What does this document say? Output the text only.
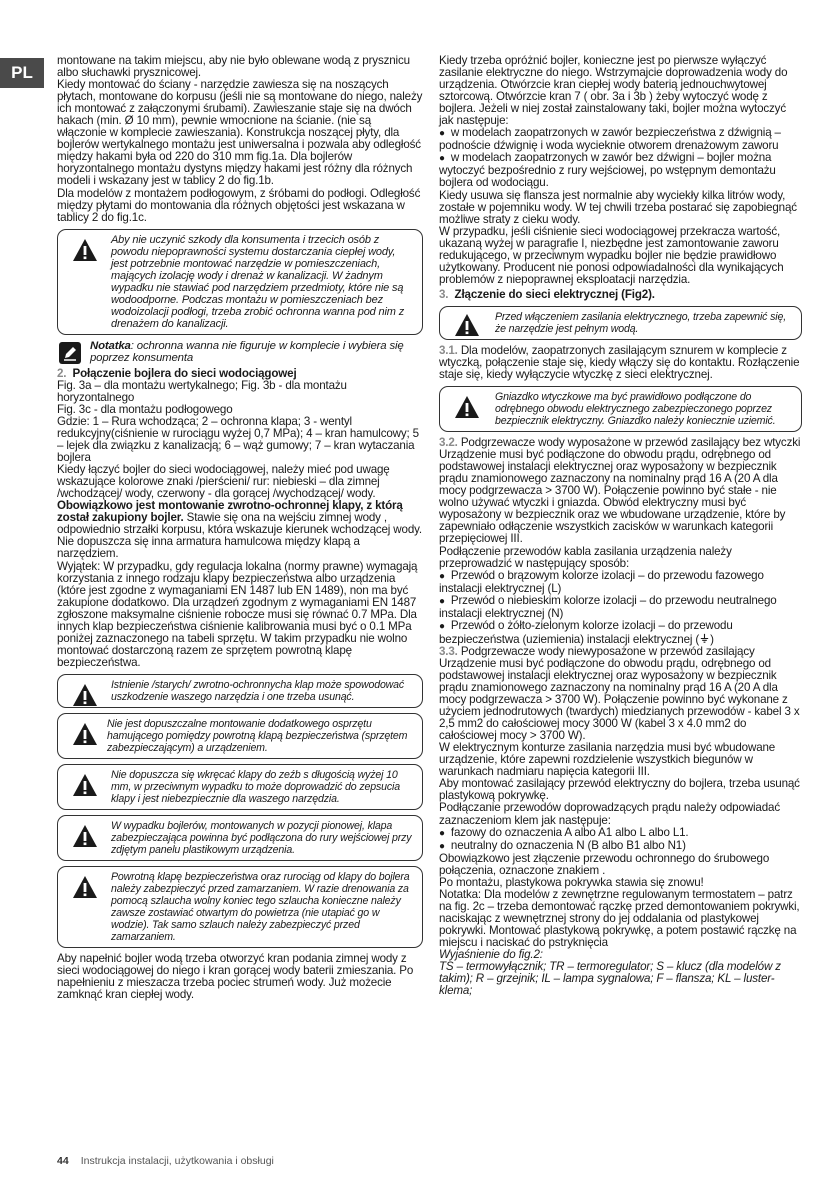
PL

montowane na takim miejscu, aby nie było oblewane wodą z prysznicu albo słuchawki prysznicowej.

Kiedy montować do ściany - narzędzie zawiesza się na noszących płytach, montowane do korpusu (jeśli nie są montowane do niego, należy ich montować z załączonymi śrubami). Zawieszanie staje się na dwóch hakach (min. Ø 10 mm), pewnie wmocnione na ścianie. (nie są włączonie w komplecie zawieszania). Konstrukcja noszącej płyty, dla bojlerów wertykalnego montażu jest uniwersalna i pozwala aby odległość między hakami była od 220 do 310 mm fig.1a. Dla bojlerów horyzontalnego montażu dystyns między hakami jest różny dla różnych modeli i wskazany jest w tablicy 2 do fig.1b.

Dla modelów z montażem podłogowym, z śróbami do podłogi. Odległość między płytami do montowania dla różnych objętości jest wskazana w tablicy 2 do fig.1c.

Aby nie uczynić szkody dla konsumenta i trzecich osób z powodu niepoprawności systemu dostarczania ciepłej wody, jest potrzebnie montować narzędzie w pomieszczeniach, mających izolację wody i drenaż w kanalizacji. W żadnym wypadku nie stawiać pod narzędziem przedmioty, które nie są wodoodporne. Podczas montażu w pomieszczeniach bez wodoizolacji podłogi, trzeba zrobić ochronna wanna pod nim z drenażem do kanalizacji.
Notatka: ochronna wanna nie figuruje w komplecie i wybiera się poprzez konsumenta

2. Połączenie bojlera do sieci wodociągowej

Fig. 3a – dla montażu wertykalnego; Fig. 3b - dla montażu horyzontalnego

Fig. 3c - dla montażu podłogowego

Gdzie: 1 – Rura wchodząca; 2 – ochronna klapa; 3 - wentyl redukcyjny(ciśnienie w rurociągu wyżej 0,7 MPa); 4 – kran hamulcowy; 5 – lejek dla związku z kanalizacją; 6 – wąż gumowy; 7 – kran wytaczania bojlera

Kiedy łączyć bojler do sieci wodociągowej, należy mieć pod uwagę wskazujące kolorowe znaki /pierścieni/ rur: niebieski – dla zimnej /wchodzącej/ wody, czerwony - dla gorącej /wychodzącej/ wody.

Obowiązkowo jest montowanie zwrotno-ochronnej klapy, z którą został zakupiony bojler. Stawie się ona na wejściu zimnej wody , odpowiednio strzałki korpusu, która wskazuje kierunek wchodzącej wody. Nie dopuszcza się inna armatura hamulcowa między klapą a narzędziem.

Wyjątek: W przypadku, gdy regulacja lokalna (normy prawne) wymagają korzystania z innego rodzaju klapy bezpieczeństwa albo urządzenia (które jest zgodne z wymaganiami EN 1487 lub EN 1489), non ma być zakupione dodatkowo. Dla urządzeń zgodnym z wymaganiami EN 1487 zgłoszone maksymalne ciśnienie robocze musi się równać 0.7 MPa. Dla innych klap bezpieczeństwa ciśnienie kalibrowania musi być o 0.1 MPa poniżej zaznaczonego na tabeli sprzętu. W takim przypadku nie wolno montować dostarczoną razem ze sprzętem powrotną klapę bezpieczeństwa.

Istnienie /starych/ zwrotno-ochronnycha klap może spowodować uszkodzenie waszego narzędzia i one trzeba usunąć.
Nie jest dopuszczalne montowanie dodatkowego osprzętu hamującego pomiędzy powrotną klapą bezpieczeństwa (sprzętem zabezpieczającym) a urządzeniem.
Nie dopuszcza się wkręcać klapy do zeźb s długością wyżej 10 mm, w przeciwnym wypadku to może doprowadzić do zepsucia klapy i jest niebezpiecznie dla waszego narzędzia.
W wypadku bojlerów, montowanych w pozycji pionowej, klapa zabezpieczająca powinna być podłączona do rury wejściowej przy zdjętym panelu plastikowym urządzenia.
Powrotną klapę bezpieczeństwa oraz rurociąg od klapy do bojlera należy zabezpieczyć przed zamarzaniem. W razie drenowania za pomocą szlaucha wolny koniec tego szlaucha konieczne należy zawsze zostawiać otwartym do powietrza (nie utapiać go w wodzie). Tak samo szlauch należy zabezpieczyć przed zamarzaniem.

Aby napełnić bojler wodą trzeba otworzyć kran podania zimnej wody z sieci wodociągowej do niego i kran gorącej wody baterii zmieszania. Po napełnieniu z mieszacza trzeba pociec strumeń wody. Już możecie zamknąć kran ciepłej wody.

Kiedy trzeba opróżnić bojler, konieczne jest po pierwsze wyłączyć zasilanie elektryczne do niego. Wstrzymajcie doprowadzenia wody do urządzenia. Otwórzcie kran ciepłej wody baterią jednouchwytowej sztorcową. Otwórzcie kran 7 ( obr. 3a i 3b ) żeby wytoczyć wodę z bojlera. Jeżeli w niej został zainstalowany taki, bojler można wytoczyć jak następuje:

● w modelach zaopatrzonych w zawór bezpieczeństwa z dźwignią – podnoście dźwignię i woda wycieknie otworem drenażowym zaworu

● w modelach zaopatrzonych w zawór bez dźwigni – bojler można wytoczyć bezpośrednio z rury wejściowej, po wstępnym demontażu bojlera od wodociągu.

Kiedy usuwa się flansza jest normalnie aby wyciekły kilka litrów wody, zostałe w pojemniku wody. W tej chwili trzeba postarać się zapobiegnąć możliwe straty z cieku wody.

W przypadku, jeśli ciśnienie sieci wodociągowej przekracza wartość, ukazaną wyżej w paragrafie I, niezbędne jest zamontowanie zaworu redukującego, w przeciwnym wypadku bojler nie będzie prawidłowo użytkowany. Producent nie ponosi odpowiadalności dla wynikających problemów z niepoprawnej eksploatacji narzędzia.

3. Złączenie do sieci elektrycznej (Fig2).

Przed włączeniem zasilania elektrycznego, trzeba zapewnić się, że narzędzie jest pełnym wodą.

3.1. Dla modelów, zaopatrzonych zasilającym sznurem w komplecie z wtyczką, połączenie staje się, kiedy włączy się do kontaktu. Rozłączenie staje się, kiedy wyłączycie wtyczkę z sieci elektrycznej.

Gniazdko wtyczkowe ma być prawidłowo podłączone do odrębnego obwodu elektrycznego zabezpieczonego poprzez bezpiecznik elektryczny. Gniazdko należy koniecznie uziemić.

3.2. Podgrzewacze wody wyposażone w przewód zasilający bez wtyczki

Urządzenie musi być podłączone do obwodu prądu, odrębnego od podstawowej instalacji elektrycznej oraz wyposażony w bezpiecznik prądu znamionowego zaznaczony na nominalny prąd 16 A (20 A dla mocy podgrzewacza > 3700 W). Połączenie powinno być stałe - nie wolno używać wtyczki i gniazda. Obwód elektryczny musi być wyposażony w bezpiecznik oraz we wbudowane urządzenie, które by zapewniało odłączenie wszystkich zacisków w warunkach kategorii przepięciowej III.

Podłączenie przewodów kabla zasilania urządzenia należy przeprowadzić w następujący sposób:

● Przewód o brązowym kolorze izolacji – do przewodu fazowego instalacji elektrycznej (L)

● Przewód o niebieskim kolorze izolacji – do przewodu neutralnego instalacji elektrycznej (N)

● Przewód o żółto-zielonym kolorze izolacji – do przewodu bezpieczeństwa (uziemienia) instalacji elektrycznej ( )

3.3. Podgrzewacze wody niewyposażone w przewód zasilający

Urządzenie musi być podłączone do obwodu prądu, odrębnego od podstawowej instalacji elektrycznej oraz wyposażony w bezpiecznik prądu znamionowego zaznaczony na nominalny prąd 16 A (20 A dla mocy podgrzewacza > 3700 W). Połączenie powinno być wykonane z użyciem jednodrutowych (twardych) miedzianych przewodów - kabel 3 x 2,5 mm2 do całościowej mocy 3000 W (kabel 3 x 4.0 mm2 do całościowej mocy > 3700 W).

W elektrycznym konturze zasilania narzędzia musi być wbudowane urządzenie, które zapewni rozdzielenie wszystkich biegunów w warunkach nadmiaru napięcia kategorii III.

Aby montować zasilający przewód elektryczny do bojlera, trzeba usunąć plastykową pokrywkę.

Podłączanie przewodów doprowadzących prądu należy odpowiadać zaznaczeniom klem jak następuje:

● fazowy do oznaczenia A albo A1 albo L albo L1.

● neutralny do oznaczenia N (B albo B1 albo N1)

Obowiązkowo jest złączenie przewodu ochronnego do śrubowego połączenia, oznaczone znakiem .

Po montażu, plastykowa pokrywka stawia się znowu!

Notatka: Dla modelów z zewnętrzne regulowanym termostatem – patrz na fig. 2c – trzeba demontować rączkę przed demontowaniem pokrywki, naciskając z wewnętrznej strony do jej oddalania od plastykowej pokrywki. Montować plastykową pokrywkę, a potem postawić rączkę na miejscu i naciskać do pstryknięcia

Wyjaśnienie do fig.2:

TS – termowyłącznik; TR – termoregulator; S – klucz (dla modelów z takim); R – grzejnik; IL – lampa sygnalowa; F – flansza; KL – luster-klema;

44 Instrukcja instalacji, użytkowania i obsługi
